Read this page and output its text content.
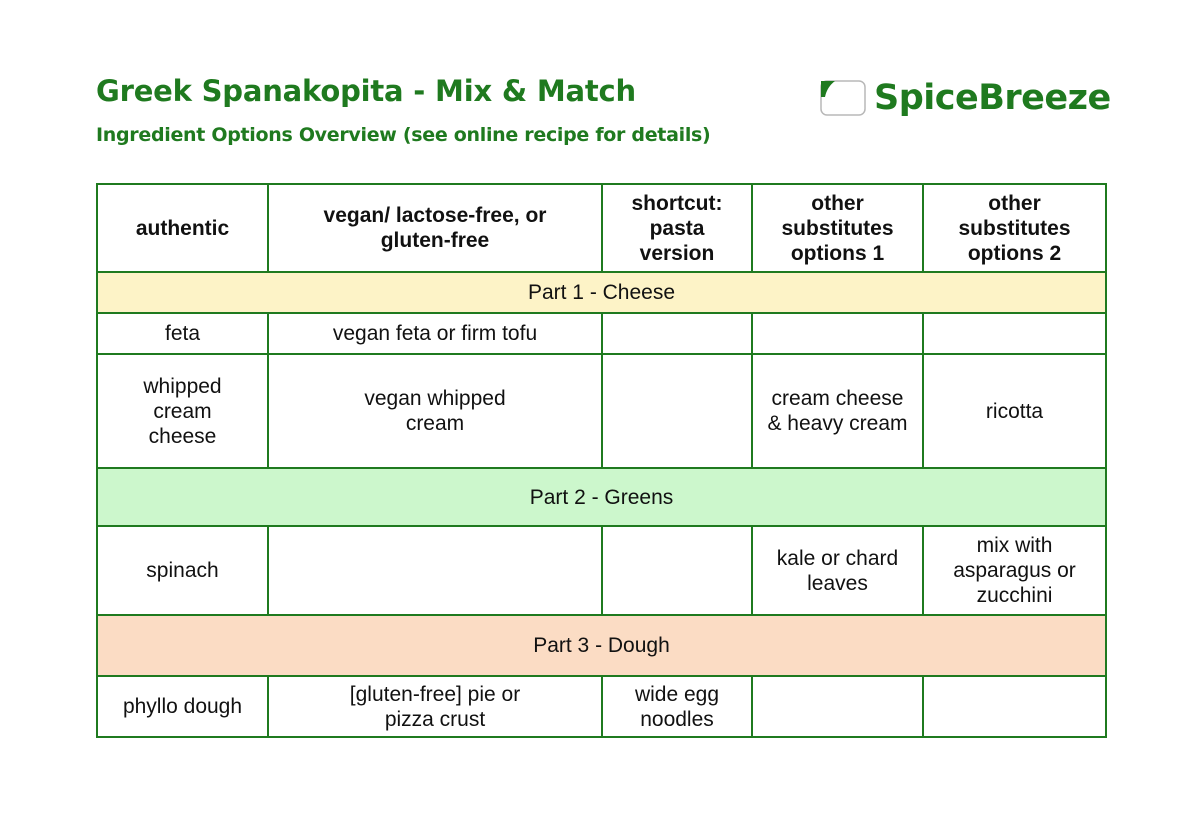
Greek Spanakopita - Mix & Match
Ingredient Options Overview (see online recipe for details)
SpiceBreeze
authentic	vegan/ lactose-free, or gluten-free	shortcut: pasta version	other substitutes options 1	other substitutes options 2
Part 1 - Cheese				
feta	vegan feta or firm tofu			
whipped cream cheese	vegan whipped cream		cream cheese & heavy cream	ricotta
Part 2 - Greens				
spinach			kale or chard leaves	mix with asparagus or zucchini
Part 3 - Dough				
phyllo dough	[gluten-free] pie or pizza crust	wide egg noodles		
